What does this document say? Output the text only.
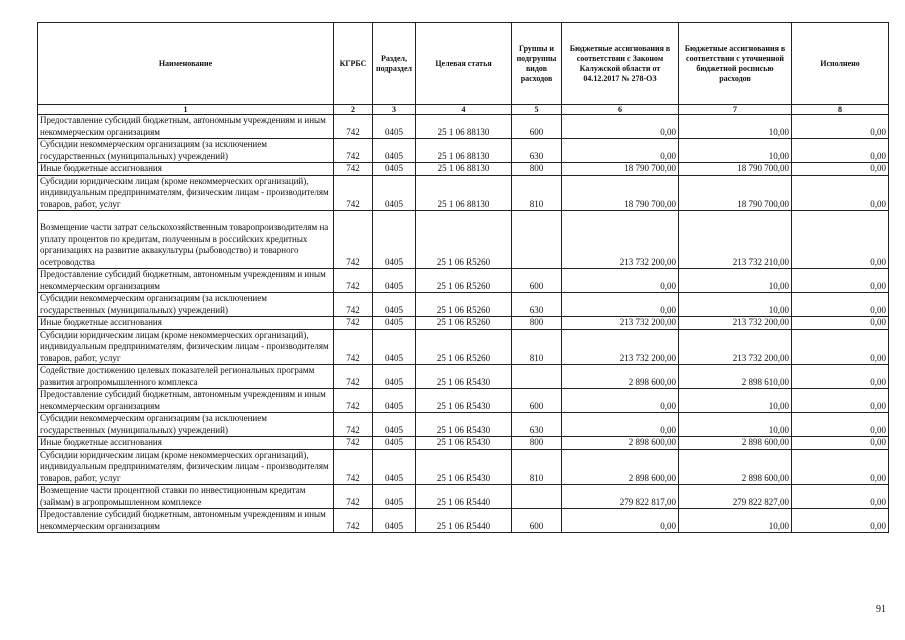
Наименование	КГРБС	Раздел, подраздел	Целевая статья	Группы и подгруппы видов расходов	Бюджетные ассигнования в соответствии с Законом Калужской области от 04.12.2017 № 278-ОЗ	Бюджетные ассигнования в соответствии с уточненной бюджетной росписью расходов	Исполнено
1	2	3	4	5	6	7	8
Предоставление субсидий бюджетным, автономным учреждениям и иным некоммерческим организациям	742	0405	25 1 06 88130	600	0,00	10,00	0,00
Субсидии некоммерческим организациям (за исключением государственных (муниципальных) учреждений)	742	0405	25 1 06 88130	630	0,00	10,00	0,00
Иные бюджетные ассигнования	742	0405	25 1 06 88130	800	18 790 700,00	18 790 700,00	0,00
Субсидии юридическим лицам (кроме некоммерческих организаций), индивидуальным предпринимателям, физическим лицам - производителям товаров, работ, услуг	742	0405	25 1 06 88130	810	18 790 700,00	18 790 700,00	0,00
Возмещение части затрат сельскохозяйственным товаропроизводителям на уплату процентов по кредитам, полученным в российских кредитных организациях на развитие аквакультуры (рыбоводство) и товарного осетроводства	742	0405	25 1 06 R5260		213 732 200,00	213 732 210,00	0,00
Предоставление субсидий бюджетным, автономным учреждениям и иным некоммерческим организациям	742	0405	25 1 06 R5260	600	0,00	10,00	0,00
Субсидии некоммерческим организациям (за исключением государственных (муниципальных) учреждений)	742	0405	25 1 06 R5260	630	0,00	10,00	0,00
Иные бюджетные ассигнования	742	0405	25 1 06 R5260	800	213 732 200,00	213 732 200,00	0,00
Субсидии юридическим лицам (кроме некоммерческих организаций), индивидуальным предпринимателям, физическим лицам - производителям товаров, работ, услуг	742	0405	25 1 06 R5260	810	213 732 200,00	213 732 200,00	0,00
Содействие достижению целевых показателей региональных программ развития агропромышленного комплекса	742	0405	25 1 06 R5430		2 898 600,00	2 898 610,00	0,00
Предоставление субсидий бюджетным, автономным учреждениям и иным некоммерческим организациям	742	0405	25 1 06 R5430	600	0,00	10,00	0,00
Субсидии некоммерческим организациям (за исключением государственных (муниципальных) учреждений)	742	0405	25 1 06 R5430	630	0,00	10,00	0,00
Иные бюджетные ассигнования	742	0405	25 1 06 R5430	800	2 898 600,00	2 898 600,00	0,00
Субсидии юридическим лицам (кроме некоммерческих организаций), индивидуальным предпринимателям, физическим лицам - производителям товаров, работ, услуг	742	0405	25 1 06 R5430	810	2 898 600,00	2 898 600,00	0,00
Возмещение части процентной ставки по инвестиционным кредитам (займам) в агропромышленном комплексе	742	0405	25 1 06 R5440		279 822 817,00	279 822 827,00	0,00
Предоставление субсидий бюджетным, автономным учреждениям и иным некоммерческим организациям	742	0405	25 1 06 R5440	600	0,00	10,00	0,00
91
